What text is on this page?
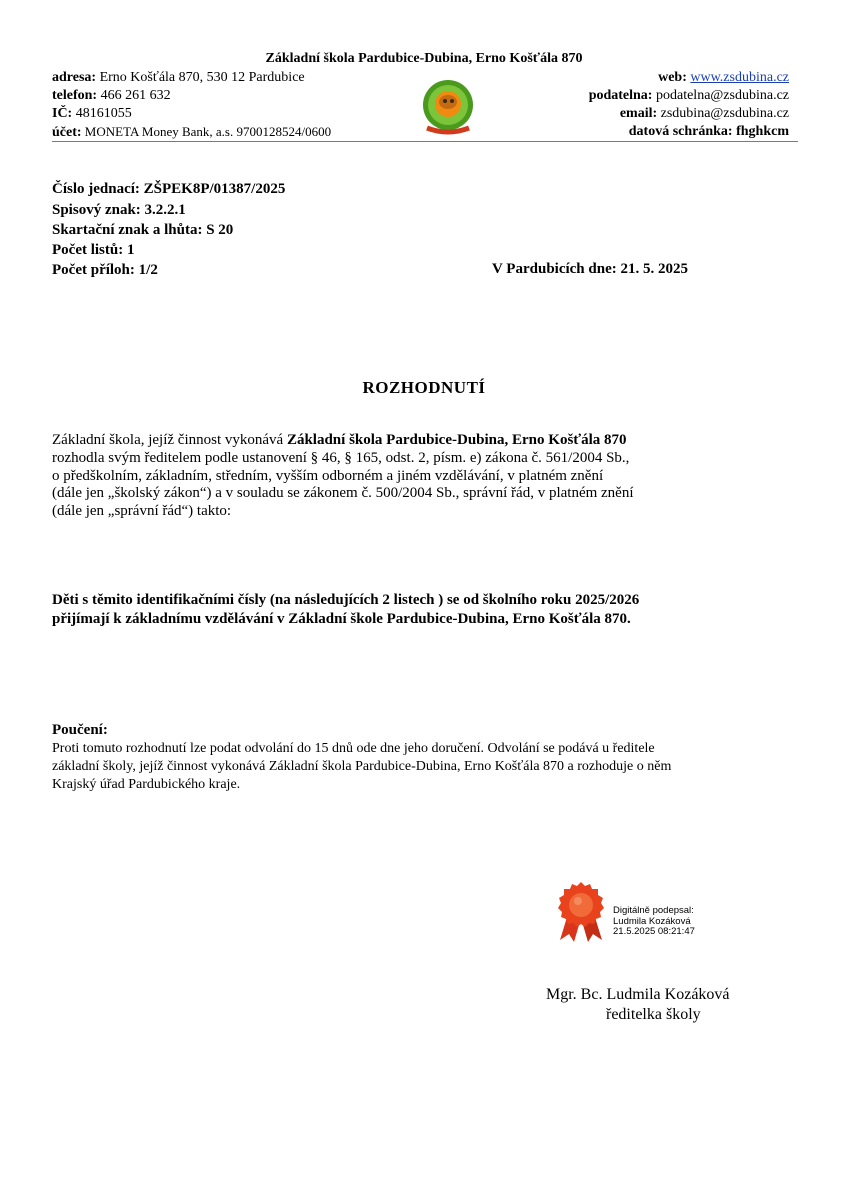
Základní škola Pardubice-Dubina, Erno Košťála 870
adresa: Erno Košťála 870, 530 12 Pardubice
telefon: 466 261 632
IČ: 48161055
účet: MONETA Money Bank, a.s. 9700128524/0600
web: www.zsdubina.cz
podatelna: podatelna@zsdubina.cz
email: zsdubina@zsdubina.cz
datová schránka: fhghkcm
Číslo jednací: ZŠPEK8P/01387/2025
Spisový znak: 3.2.2.1
Skartační znak a lhůta: S 20
Počet listů: 1
Počet příloh: 1/2	V Pardubicích dne: 21. 5. 2025
ROZHODNUTÍ
Základní škola, jejíž činnost vykonává Základní škola Pardubice-Dubina, Erno Košťála 870
rozhodla svým ředitelem podle ustanovení § 46, § 165, odst. 2, písm. e) zákona č. 561/2004 Sb.,
o předškolním, základním, středním, vyšším odborném a jiném vzdělávání, v platném znění
(dále jen „školský zákon“) a v souladu se zákonem č. 500/2004 Sb., správní řád, v platném znění
(dále jen „správní řád“) takto:
Děti s těmito identifikačními čísly (na následujících 2 listech ) se od školního roku 2025/2026
přijímají k základnímu vzdělávání v Základní škole Pardubice-Dubina, Erno Košťála 870.
Poučení:
Proti tomuto rozhodnutí lze podat odvolání do 15 dnů ode dne jeho doručení. Odvolání se podává u ředitele
základní školy, jejíž činnost vykonává Základní škola Pardubice-Dubina, Erno Košťála 870 a rozhoduje o něm
Krajský úřad Pardubického kraje.
Digitálně podepsal:
Ludmila Kozáková
21.5.2025 08:21:47
Mgr. Bc. Ludmila Kozáková
ředitelka školy
